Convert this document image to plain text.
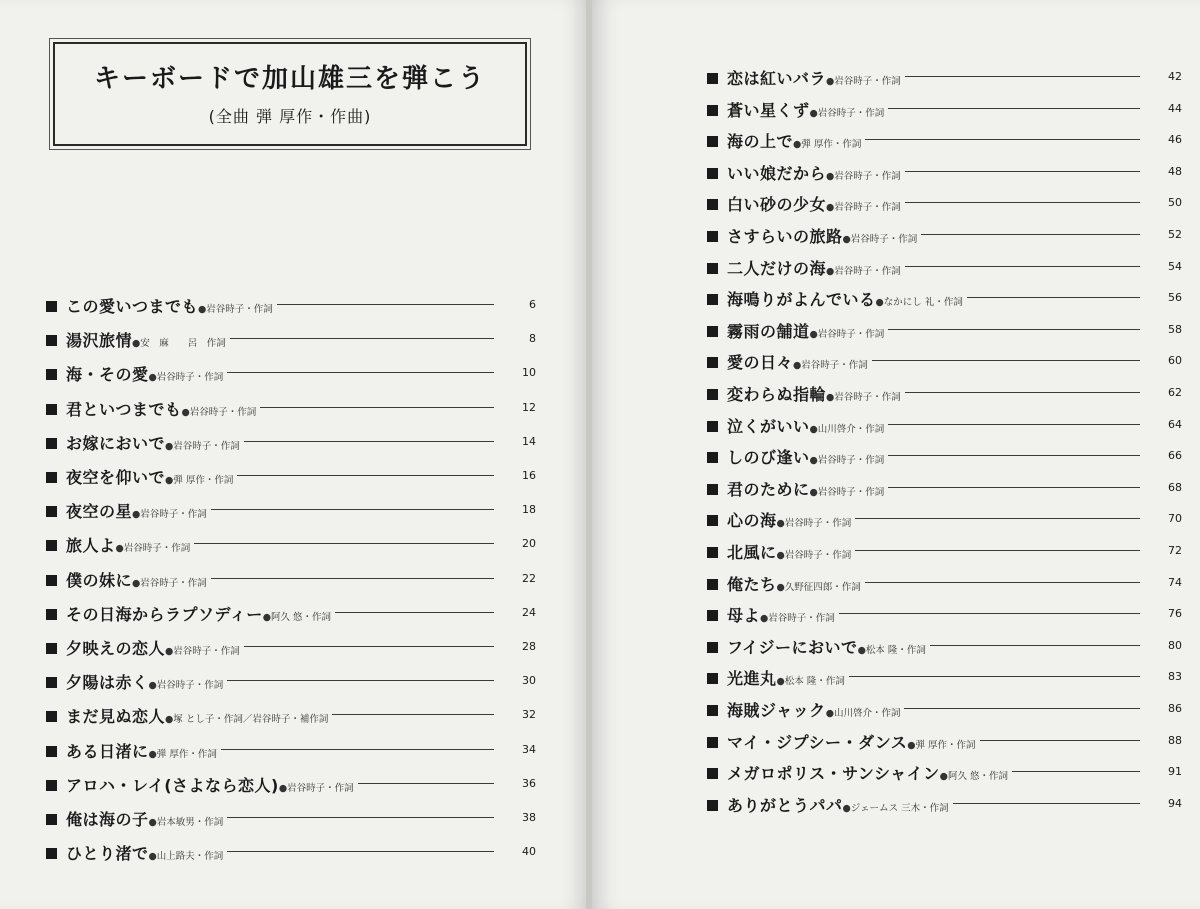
キーボードで加山雄三を弾こう
(全曲 弾 厚作・作曲)
この愛いつまでも●岩谷時子・作詞	6
湯沢旅情●安　麻　　呂　作詞	8
海・その愛●岩谷時子・作詞	10
君といつまでも●岩谷時子・作詞	12
お嫁においで●岩谷時子・作詞	14
夜空を仰いで●弾 厚作・作詞	16
夜空の星●岩谷時子・作詞	18
旅人よ●岩谷時子・作詞	20
僕の妹に●岩谷時子・作詞	22
その日海からラプソディー●阿久 悠・作詞	24
夕映えの恋人●岩谷時子・作詞	28
夕陽は赤く●岩谷時子・作詞	30
まだ見ぬ恋人●塚 とし子・作詞／岩谷時子・補作詞	32
ある日渚に●弾 厚作・作詞	34
アロハ・レイ(さよなら恋人)●岩谷時子・作詞	36
俺は海の子●岩本敏男・作詞	38
ひとり渚で●山上路夫・作詞	40
恋は紅いバラ●岩谷時子・作詞	42
蒼い星くず●岩谷時子・作詞	44
海の上で●弾 厚作・作詞	46
いい娘だから●岩谷時子・作詞	48
白い砂の少女●岩谷時子・作詞	50
さすらいの旅路●岩谷時子・作詞	52
二人だけの海●岩谷時子・作詞	54
海鳴りがよんでいる●なかにし 礼・作詞	56
霧雨の舗道●岩谷時子・作詞	58
愛の日々●岩谷時子・作詞	60
変わらぬ指輪●岩谷時子・作詞	62
泣くがいい●山川啓介・作詞	64
しのび逢い●岩谷時子・作詞	66
君のために●岩谷時子・作詞	68
心の海●岩谷時子・作詞	70
北風に●岩谷時子・作詞	72
俺たち●久野征四郎・作詞	74
母よ●岩谷時子・作詞	76
フイジーにおいで●松本 隆・作詞	80
光進丸●松本 隆・作詞	83
海賊ジャック●山川啓介・作詞	86
マイ・ジプシー・ダンス●弾 厚作・作詞	88
メガロポリス・サンシャイン●阿久 悠・作詞	91
ありがとうパパ●ジェームス 三木・作詞	94
